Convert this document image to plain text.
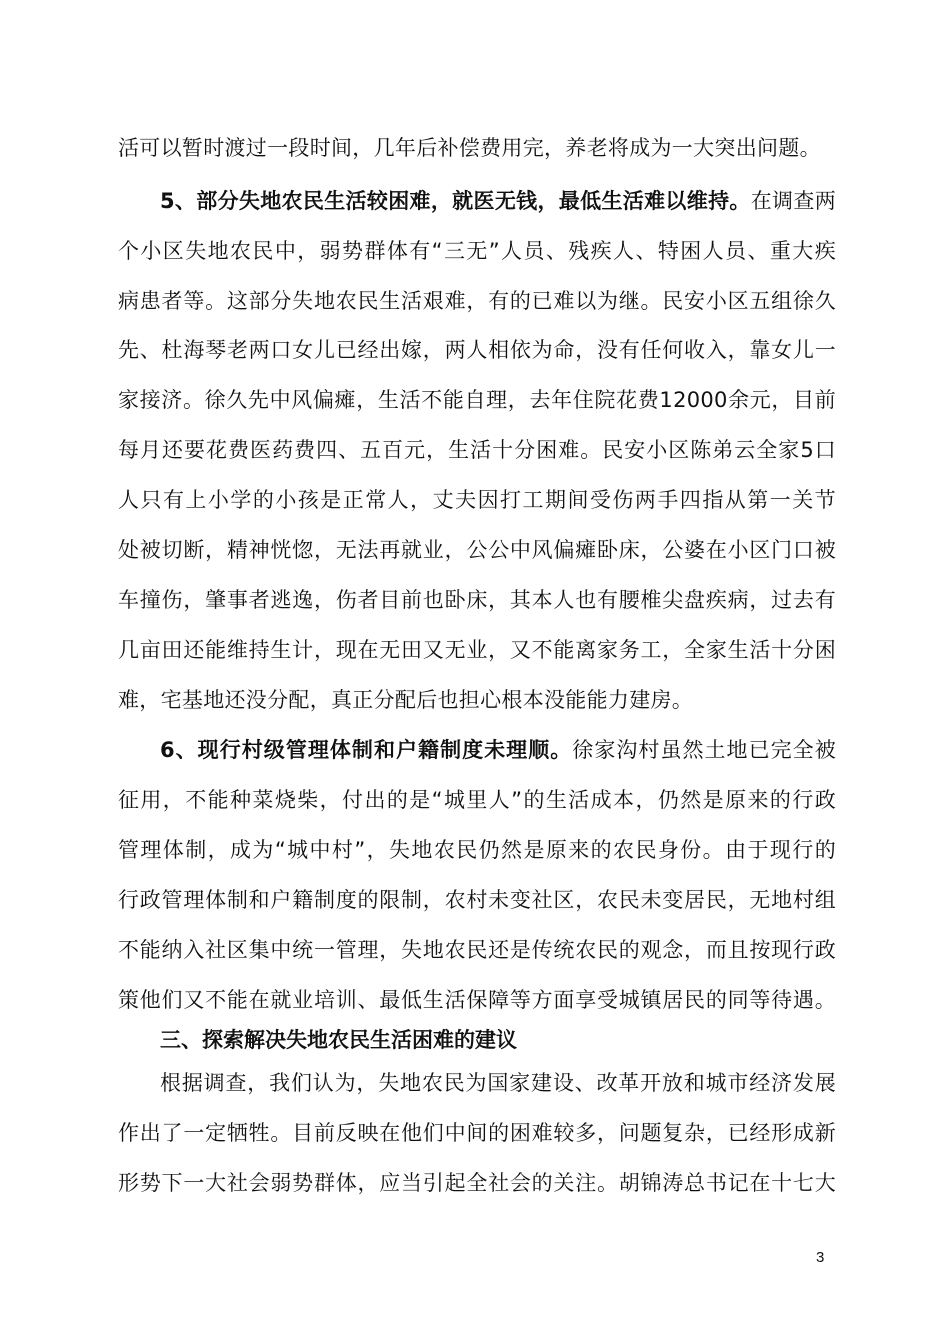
活可以暂时渡过一段时间，几年后补偿费用完，养老将成为一大突出问题。
5、部分失地农民生活较困难，就医无钱，最低生活难以维持。在调查两
个小区失地农民中，弱势群体有“三无”人员、残疾人、特困人员、重大疾
病患者等。这部分失地农民生活艰难，有的已难以为继。民安小区五组徐久
先、杜海琴老两口女儿已经出嫁，两人相依为命，没有任何收入，靠女儿一
家接济。徐久先中风偏瘫，生活不能自理，去年住院花费12000余元，目前
每月还要花费医药费四、五百元，生活十分困难。民安小区陈弟云全家5口
人只有上小学的小孩是正常人，丈夫因打工期间受伤两手四指从第一关节
处被切断，精神恍惚，无法再就业，公公中风偏瘫卧床，公婆在小区门口被
车撞伤，肇事者逃逸，伤者目前也卧床，其本人也有腰椎尖盘疾病，过去有
几亩田还能维持生计，现在无田又无业，又不能离家务工，全家生活十分困
难，宅基地还没分配，真正分配后也担心根本没能能力建房。
6、现行村级管理体制和户籍制度未理顺。徐家沟村虽然土地已完全被
征用，不能种菜烧柴，付出的是“城里人”的生活成本，仍然是原来的行政
管理体制，成为“城中村”，失地农民仍然是原来的农民身份。由于现行的
行政管理体制和户籍制度的限制，农村未变社区，农民未变居民，无地村组
不能纳入社区集中统一管理，失地农民还是传统农民的观念，而且按现行政
策他们又不能在就业培训、最低生活保障等方面享受城镇居民的同等待遇。
三、探索解决失地农民生活困难的建议
根据调查，我们认为，失地农民为国家建设、改革开放和城市经济发展
作出了一定牺牲。目前反映在他们中间的困难较多，问题复杂，已经形成新
形势下一大社会弱势群体，应当引起全社会的关注。胡锦涛总书记在十七大
3
